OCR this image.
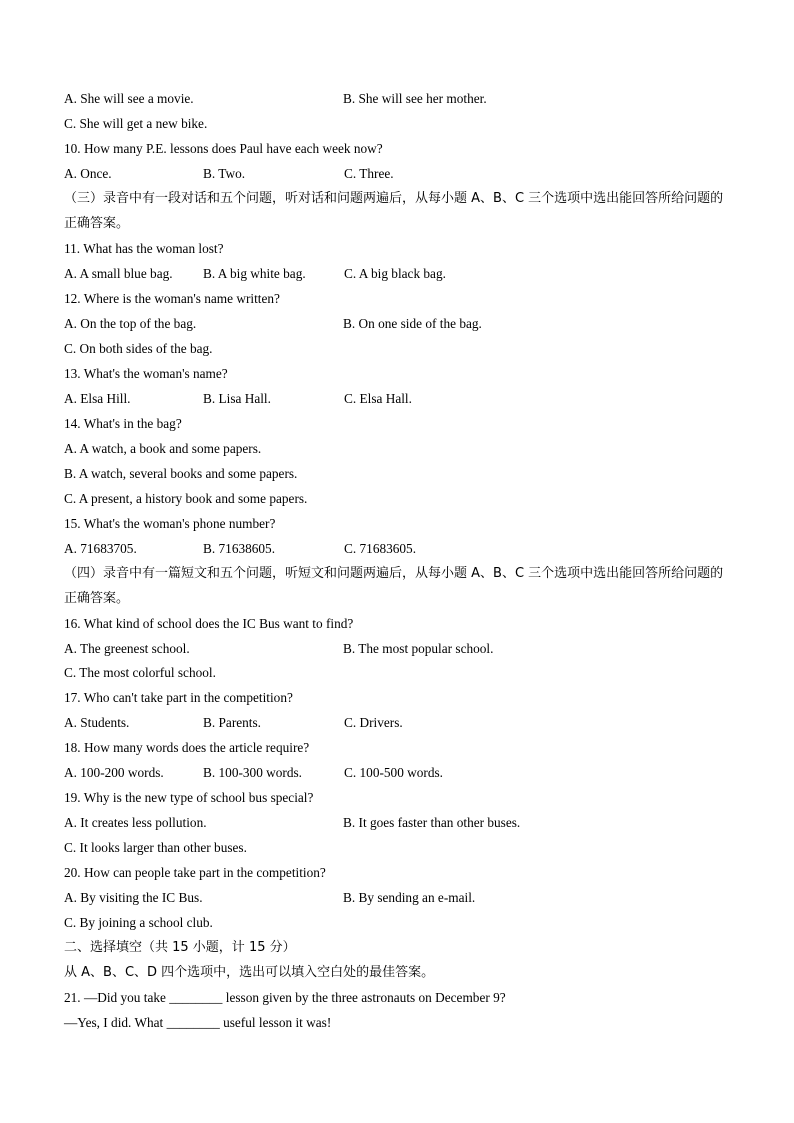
A. She will see a movie.	B. She will see her mother.
C. She will get a new bike.
10. How many P.E. lessons does Paul have each week now?
A. Once.	B. Two.	C. Three.
（三）录音中有一段对话和五个问题，听对话和问题两遍后，从每小题 A、B、C 三个选项中选出能回答所给问题的正确答案。
11. What has the woman lost?
A. A small blue bag. B. A big white bag.	C. A big black bag.
12. Where is the woman's name written?
A. On the top of the bag.	B. On one side of the bag.
C. On both sides of the bag.
13. What's the woman's name?
A. Elsa Hill.	B. Lisa Hall.	C. Elsa Hall.
14. What's in the bag?
A. A watch, a book and some papers.
B. A watch, several books and some papers.
C. A present, a history book and some papers.
15. What's the woman's phone number?
A. 71683705.	B. 71638605.	C. 71683605.
（四）录音中有一篇短文和五个问题，听短文和问题两遍后，从每小题 A、B、C 三个选项中选出能回答所给问题的正确答案。
16. What kind of school does the IC Bus want to find?
A. The greenest school.	B. The most popular school.
C. The most colorful school.
17. Who can't take part in the competition?
A. Students.	B. Parents.	C. Drivers.
18. How many words does the article require?
A. 100-200 words.	B. 100-300 words.	C. 100-500 words.
19. Why is the new type of school bus special?
A. It creates less pollution.	B. It goes faster than other buses.
C. It looks larger than other buses.
20. How can people take part in the competition?
A. By visiting the IC Bus.	B. By sending an e-mail.
C. By joining a school club.
二、选择填空（共 15 小题，计 15 分）
从 A、B、C、D 四个选项中，选出可以填入空白处的最佳答案。
21. —Did you take ________ lesson given by the three astronauts on December 9?
—Yes, I did. What ________ useful lesson it was!
